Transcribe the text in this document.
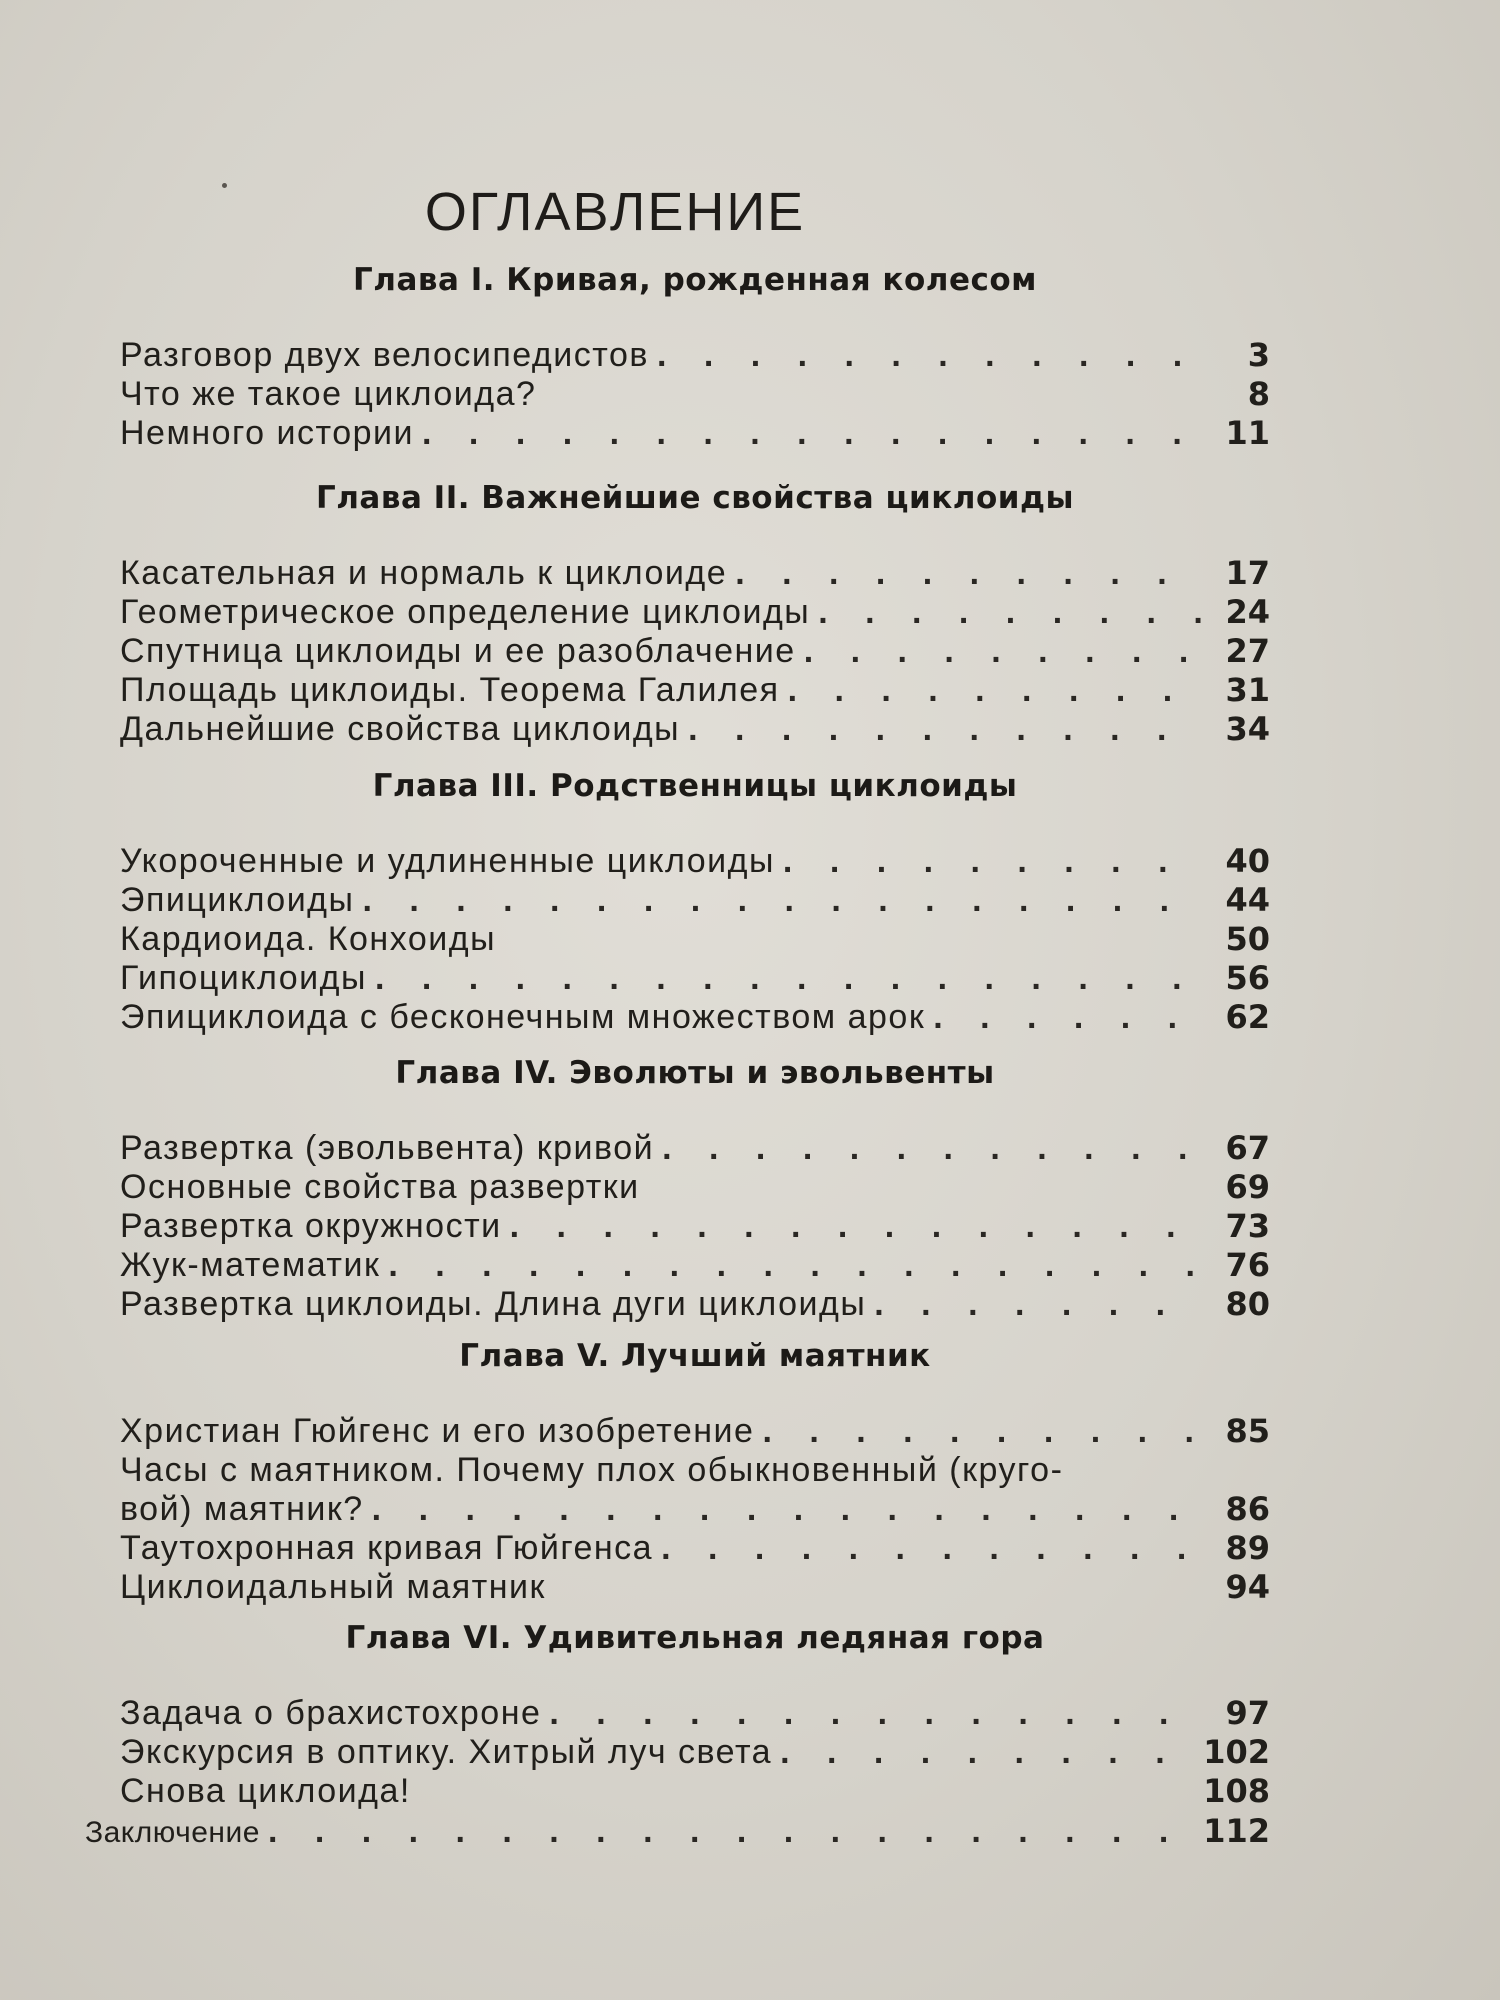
ОГЛАВЛЕНИЕ
Глава I. Кривая, рожденная колесом
Разговор двух велосипедистов . . .	3
Что же такое циклоида?	8
Немного истории . . .	11
Глава II. Важнейшие свойства циклоиды
Касательная и нормаль к циклоиде . . .	17
Геометрическое определение циклоиды . . .	24
Спутница циклоиды и ее разоблачение . . .	27
Площадь циклоиды. Теорема Галилея . . .	31
Дальнейшие свойства циклоиды . . .	34
Глава III. Родственницы циклоиды
Укороченные и удлиненные циклоиды . . .	40
Эпициклоиды . . .	44
Кардиоида. Конхоиды	50
Гипоциклоиды . . .	56
Эпициклоида с бесконечным множеством арок . . .	62
Глава IV. Эволюты и эвольвенты
Развертка (эвольвента) кривой . . .	67
Основные свойства развертки	69
Развертка окружности . . .	73
Жук-математик . . .	76
Развертка циклоиды. Длина дуги циклоиды . . .	80
Глава V. Лучший маятник
Христиан Гюйгенс и его изобретение . . .	85
Часы с маятником. Почему плох обыкновенный (круго-
вой) маятник? . . .	86
Таутохронная кривая Гюйгенса . . .	89
Циклоидальный маятник	94
Глава VI. Удивительная ледяная гора
Задача о брахистохроне . . .	97
Экскурсия в оптику. Хитрый луч света . . .	102
Снова циклоида!	108
Заключение . . .	112
